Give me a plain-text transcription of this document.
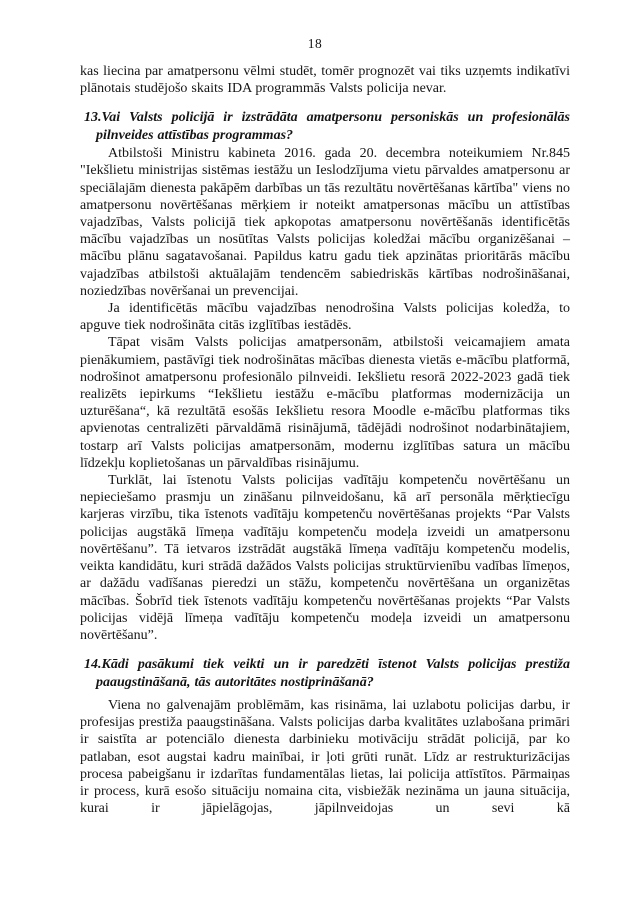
18

kas liecina par amatpersonu vēlmi studēt, tomēr prognozēt vai tiks uzņemts indikatīvi plānotais studējošo skaits IDA programmās Valsts policija nevar.

13.Vai Valsts policijā ir izstrādāta amatpersonu personiskās un profesionālās pilnveides attīstības programmas?

Atbilstoši Ministru kabineta 2016. gada 20. decembra noteikumiem Nr.845 "Iekšlietu ministrijas sistēmas iestāžu un Ieslodzījuma vietu pārvaldes amatpersonu ar speciālajām dienesta pakāpēm darbības un tās rezultātu novērtēšanas kārtība" viens no amatpersonu novērtēšanas mērķiem ir noteikt amatpersonas mācību un attīstības vajadzības, Valsts policijā tiek apkopotas amatpersonu novērtēšanās identificētās mācību vajadzības un nosūtītas Valsts policijas koledžai mācību organizēšanai – mācību plānu sagatavošanai. Papildus katru gadu tiek apzinātas prioritārās mācību vajadzības atbilstoši aktuālajām tendencēm sabiedriskās kārtības nodrošināšanai, noziedzības novēršanai un prevencijai.

Ja identificētās mācību vajadzības nenodrošina Valsts policijas koledža, to apguve tiek nodrošināta citās izglītības iestādēs.

Tāpat visām Valsts policijas amatpersonām, atbilstoši veicamajiem amata pienākumiem, pastāvīgi tiek nodrošinātas mācības dienesta vietās e-mācību platformā, nodrošinot amatpersonu profesionālo pilnveidi. Iekšlietu resorā 2022-2023 gadā tiek realizēts iepirkums “Iekšlietu iestāžu e-mācību platformas modernizācija un uzturēšana“, kā rezultātā esošās Iekšlietu resora Moodle e-mācību platformas tiks apvienotas centralizēti pārvaldāmā risinājumā, tādējādi nodrošinot nodarbinātajiem, tostarp arī Valsts policijas amatpersonām, modernu izglītības satura un mācību līdzekļu koplietošanas un pārvaldības risinājumu.

Turklāt, lai īstenotu Valsts policijas vadītāju kompetenču novērtēšanu un nepieciešamo prasmju un zināšanu pilnveidošanu, kā arī personāla mērķtiecīgu karjeras virzību, tika īstenots vadītāju kompetenču novērtēšanas projekts “Par Valsts policijas augstākā līmeņa vadītāju kompetenču modeļa izveidi un amatpersonu novērtēšanu”. Tā ietvaros izstrādāt augstākā līmeņa vadītāju kompetenču modelis, veikta kandidātu, kuri strādā dažādos Valsts policijas struktūrvienību vadības līmeņos, ar dažādu vadīšanas pieredzi un stāžu, kompetenču novērtēšana un organizētas mācības. Šobrīd tiek īstenots vadītāju kompetenču novērtēšanas projekts “Par Valsts policijas vidējā līmeņa vadītāju kompetenču modeļa izveidi un amatpersonu novērtēšanu”.

14.Kādi pasākumi tiek veikti un ir paredzēti īstenot Valsts policijas prestiža paaugstināšanā, tās autoritātes nostiprināšanā?

Viena no galvenajām problēmām, kas risināma, lai uzlabotu policijas darbu, ir profesijas prestiža paaugstināšana. Valsts policijas darba kvalitātes uzlabošana primāri ir saistīta ar potenciālo dienesta darbinieku motivāciju strādāt policijā, par ko patlaban, esot augstai kadru mainībai, ir ļoti grūti runāt. Līdz ar restrukturizācijas procesa pabeigšanu ir izdarītas fundamentālas lietas, lai policija attīstītos. Pārmaiņas ir process, kurā esošo situāciju nomaina cita, visbiežāk nezināma un jauna situācija, kurai ir jāpielāgojas, jāpilnveidojas un sevi kā
